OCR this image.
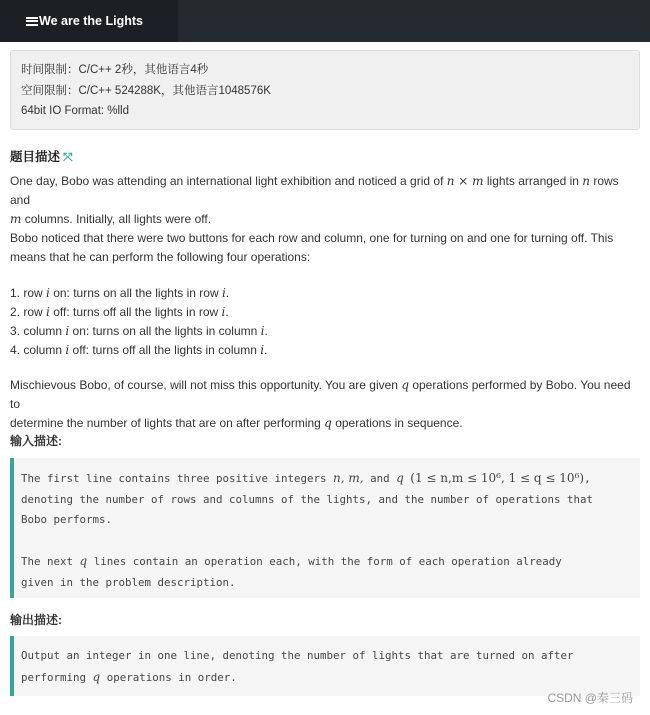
We are the Lights
时间限制：C/C++ 2秒，其他语言4秒
空间限制：C/C++ 524288K，其他语言1048576K
64bit IO Format: %lld
题目描述 ⤧
One day, Bobo was attending an international light exhibition and noticed a grid of n × m lights arranged in n rows and
m columns. Initially, all lights were off.
Bobo noticed that there were two buttons for each row and column, one for turning on and one for turning off. This means that he can perform the following four operations:
1. row i on: turns on all the lights in row i.
2. row i off: turns off all the lights in row i.
3. column i on: turns on all the lights in column i.
4. column i off: turns off all the lights in column i.
Mischievous Bobo, of course, will not miss this opportunity. You are given q operations performed by Bobo. You need to
determine the number of lights that are on after performing q operations in sequence.
输入描述:
The first line contains three positive integers n, m, and q (1 ≤ n,m ≤ 10⁶, 1 ≤ q ≤ 10⁶),
denoting the number of rows and columns of the lights, and the number of operations that
Bobo performs.
The next q lines contain an operation each, with the form of each operation already
given in the problem description.
输出描述:
Output an integer in one line, denoting the number of lights that are turned on after
performing q operations in order.
CSDN @秦三码
